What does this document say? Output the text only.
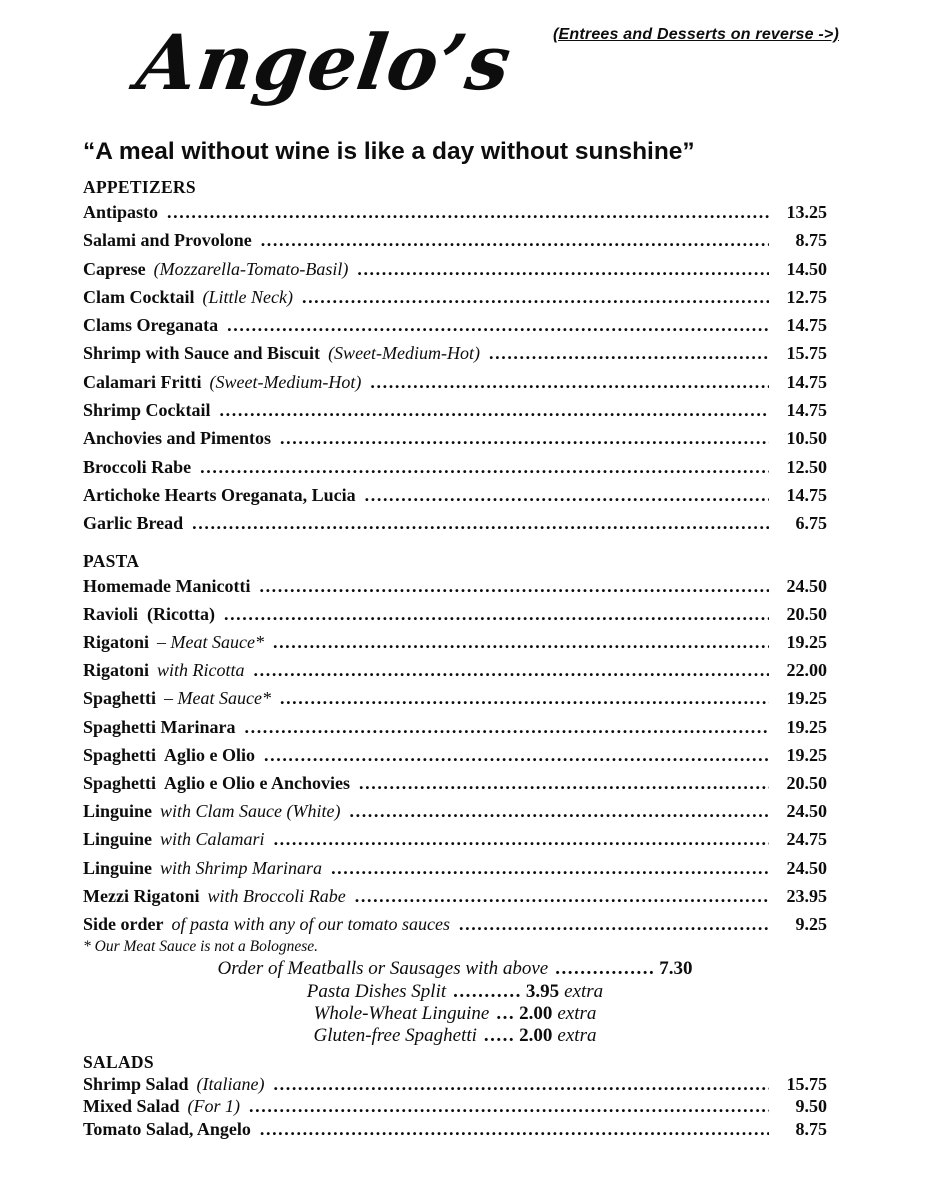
(Entrees and Desserts on reverse ->)
Angelo’s
“A meal without wine is like a day without sunshine”
APPETIZERS
Antipasto .....	13.25
Salami and Provolone .....	8.75
Caprese (Mozzarella-Tomato-Basil) .....	14.50
Clam Cocktail (Little Neck) .....	12.75
Clams Oreganata .....	14.75
Shrimp with Sauce and Biscuit (Sweet-Medium-Hot) .....	15.75
Calamari Fritti (Sweet-Medium-Hot) .....	14.75
Shrimp Cocktail .....	14.75
Anchovies and Pimentos .....	10.50
Broccoli Rabe .....	12.50
Artichoke Hearts Oreganata, Lucia .....	14.75
Garlic Bread .....	6.75
PASTA
Homemade Manicotti .....	24.50
Ravioli  (Ricotta) .....	20.50
Rigatoni – Meat Sauce* .....	19.25
Rigatoni with Ricotta .....	22.00
Spaghetti – Meat Sauce* .....	19.25
Spaghetti Marinara .....	19.25
Spaghetti  Aglio e Olio .....	19.25
Spaghetti  Aglio e Olio e Anchovies .....	20.50
Linguine with Clam Sauce (White) .....	24.50
Linguine with Calamari .....	24.75
Linguine with Shrimp Marinara .....	24.50
Mezzi Rigatoni with Broccoli Rabe .....	23.95
Side order of pasta with any of our tomato sauces .....	9.25
* Our Meat Sauce is not a Bolognese.
Order of Meatballs or Sausages with above ................ 7.30
Pasta Dishes Split ........... 3.95 extra
Whole-Wheat Linguine ... 2.00 extra
Gluten-free Spaghetti ..... 2.00 extra
SALADS
Shrimp Salad (Italiane) .....	15.75
Mixed Salad (For 1) .....	9.50
Tomato Salad, Angelo .....	8.75
